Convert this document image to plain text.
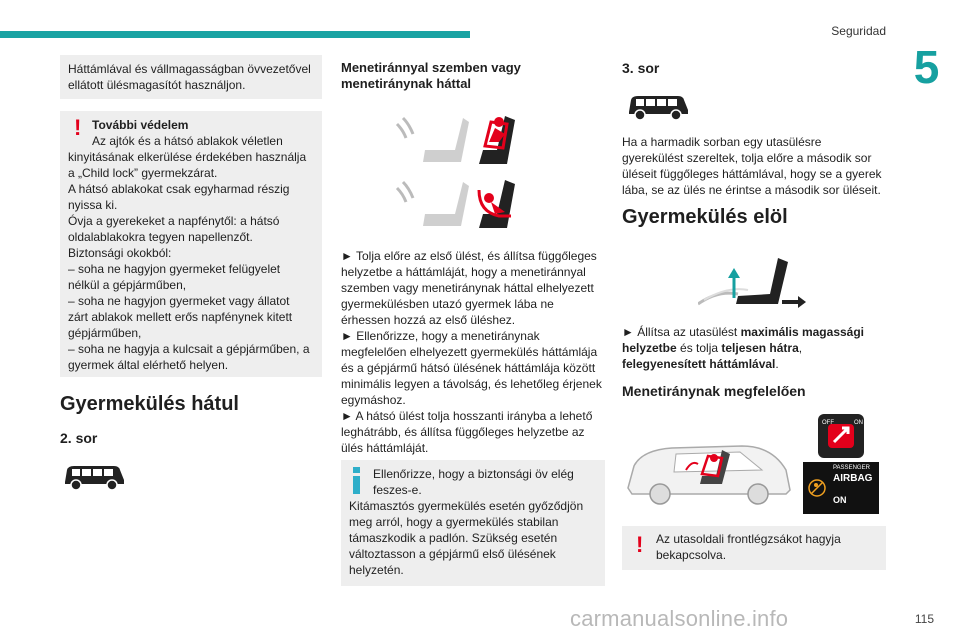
Seguridad
5
Háttámlával és vállmagasságban övvezetővel
ellátott ülésmagasítót használjon.
! További védelem
Az ajtók és a hátsó ablakok véletlen
kinyitásának elkerülése érdekében használja
a „Child lock” gyermekzárat.
A hátsó ablakokat csak egyharmad részig
nyissa ki.
Óvja a gyerekeket a napfénytől: a hátsó
oldalablakokra tegyen napellenzőt.
Biztonsági okokból:
– soha ne hagyjon gyermeket felügyelet
nélkül a gépjárműben,
– soha ne hagyjon gyermeket vagy állatot
zárt ablakok mellett erős napfénynek kitett
gépjárműben,
– soha ne hagyja a kulcsait a gépjárműben, a
gyermek által elérhető helyen.
Gyermekülés hátul
2. sor
Menetiránnyal szemben vagy
menetiránynak háttal
► Tolja előre az első ülést, és állítsa függőleges
helyzetbe a háttámláját, hogy a menetiránnyal
szemben vagy menetiránynak háttal elhelyezett
gyermekülésben utazó gyermek lába ne
érhessen hozzá az első üléshez.
► Ellenőrizze, hogy a menetiránynak
megfelelően elhelyezett gyermekülés háttámlája
és a gépjármű hátsó ülésének háttámlája között
minimális legyen a távolság, és lehetőleg érjenek
egymáshoz.
► A hátsó ülést tolja hosszanti irányba a lehető
leghátrább, és állítsa függőleges helyzetbe az
ülés háttámláját.
Ellenőrizze, hogy a biztonsági öv elég
feszes-e.
Kitámasztós gyermekülés esetén győződjön
meg arról, hogy a gyermekülés stabilan
támaszkodik a padlón. Szükség esetén
változtasson a gépjármű első ülésének
helyzetén.
3. sor
Ha a harmadik sorban egy utasülésre
gyerekülést szereltek, tolja előre a második sor
üléseit függőleges háttámlával, hogy se a gyerek
lába, se az ülés ne érintse a második sor üléseit.
Gyermekülés elöl
► Állítsa az utasülést maximális magassági
helyzetbe és tolja teljesen hátra,
felegyenesített háttámlával.
Menetiránynak megfelelően
OFF	ON
PASSENGER
AIRBAG
ON
! Az utasoldali frontlégzsákot hagyja
bekapcsolva.
carmanualsonline.info	115
